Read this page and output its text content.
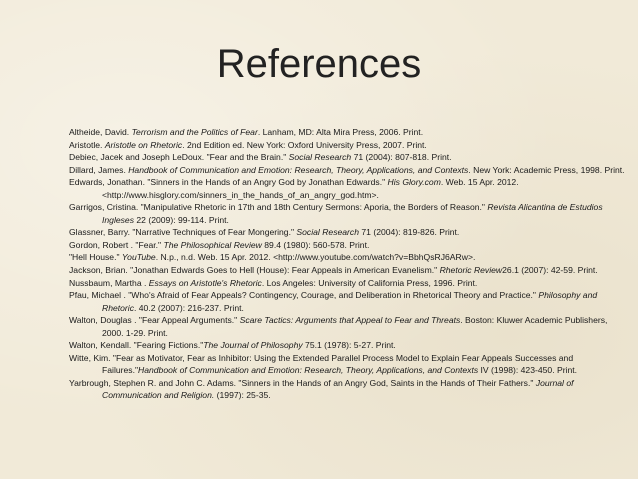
References
Altheide, David. Terrorism and the Politics of Fear. Lanham, MD: Alta Mira Press, 2006. Print.
Aristotle. Aristotle on Rhetoric. 2nd Edition ed. New York: Oxford University Press, 2007. Print.
Debiec, Jacek and Joseph LeDoux. "Fear and the Brain." Social Research 71 (2004): 807-818. Print.
Dillard, James. Handbook of Communication and Emotion: Research, Theory, Applications, and Contexts. New York: Academic Press, 1998. Print.
Edwards, Jonathan. "Sinners in the Hands of an Angry God by Jonathan Edwards." His Glory.com. Web. 15 Apr. 2012. <http://www.hisglory.com/sinners_in_the_hands_of_an_angry_god.htm>.
Garrigos, Cristina. "Manipulative Rhetoric in 17th and 18th Century Sermons: Aporia, the Borders of Reason." Revista Alicantina de Estudios Ingleses 22 (2009): 99-114. Print.
Glassner, Barry. "Narrative Techniques of Fear Mongering." Social Research 71 (2004): 819-826. Print.
Gordon, Robert . "Fear." The Philosophical Review 89.4 (1980): 560-578. Print.
"Hell House." YouTube. N.p., n.d. Web. 15 Apr. 2012. <http://www.youtube.com/watch?v=BbhQsRJ6ARw>.
Jackson, Brian. "Jonathan Edwards Goes to Hell (House): Fear Appeals in American Evanelism." Rhetoric Review26.1 (2007): 42-59. Print.
Nussbaum, Martha . Essays on Aristotle's Rhetoric. Los Angeles: University of California Press, 1996. Print.
Pfau, Michael . "Who's Afraid of Fear Appeals? Contingency, Courage, and Deliberation in Rhetorical Theory and Practice." Philosophy and Rhetoric. 40.2 (2007): 216-237. Print.
Walton, Douglas . "Fear Appeal Arguments." Scare Tactics: Arguments that Appeal to Fear and Threats. Boston: Kluwer Academic Publishers, 2000. 1-29. Print.
Walton, Kendall. "Fearing Fictions."The Journal of Philosophy 75.1 (1978): 5-27. Print.
Witte, Kim. "Fear as Motivator, Fear as Inhibitor: Using the Extended Parallel Process Model to Explain Fear Appeals Successes and Failures."Handbook of Communication and Emotion: Research, Theory, Applications, and Contexts IV (1998): 423-450. Print.
Yarbrough, Stephen R. and John C. Adams. "Sinners in the Hands of an Angry God, Saints in the Hands of Their Fathers." Journal of Communication and Religion. (1997): 25-35.
